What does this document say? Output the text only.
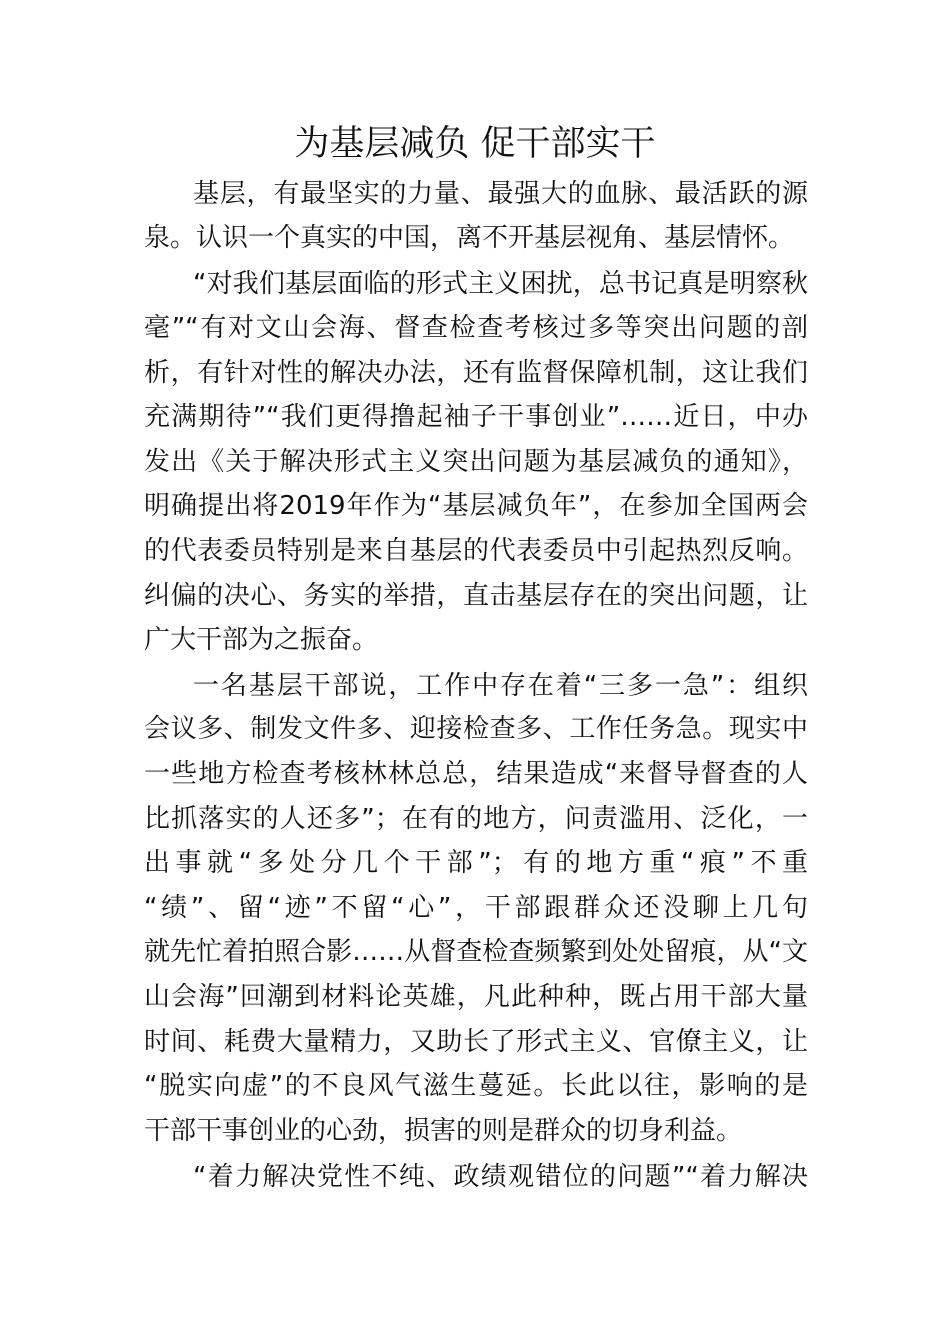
为基层减负 促干部实干
基层，有最坚实的力量、最强大的血脉、最活跃的源
泉。认识一个真实的中国，离不开基层视角、基层情怀。
“对我们基层面临的形式主义困扰，总书记真是明察秋
毫”“有对文山会海、督查检查考核过多等突出问题的剖
析，有针对性的解决办法，还有监督保障机制，这让我们
充满期待”“我们更得撸起袖子干事创业”……近日，中办
发出《关于解决形式主义突出问题为基层减负的通知》，
明确提出将2019年作为“基层减负年”，在参加全国两会
的代表委员特别是来自基层的代表委员中引起热烈反响。
纠偏的决心、务实的举措，直击基层存在的突出问题，让
广大干部为之振奋。
一名基层干部说，工作中存在着“三多一急”：组织
会议多、制发文件多、迎接检查多、工作任务急。现实中
一些地方检查考核林林总总，结果造成“来督导督查的人
比抓落实的人还多”；在有的地方，问责滥用、泛化，一
出事就“多处分几个干部”；有的地方重“痕”不重
“绩”、留“迹”不留“心”，干部跟群众还没聊上几句
就先忙着拍照合影……从督查检查频繁到处处留痕，从“文
山会海”回潮到材料论英雄，凡此种种，既占用干部大量
时间、耗费大量精力，又助长了形式主义、官僚主义，让
“脱实向虚”的不良风气滋生蔓延。长此以往，影响的是
干部干事创业的心劲，损害的则是群众的切身利益。
“着力解决党性不纯、政绩观错位的问题”“着力解决
